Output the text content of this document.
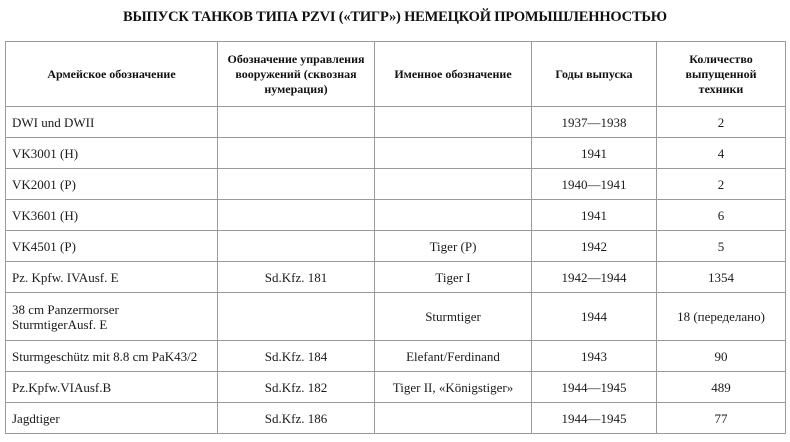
ВЫПУСК ТАНКОВ ТИПА PZVI («ТИГР») НЕМЕЦКОЙ ПРОМЫШЛЕННОСТЬЮ
Армейское обозначение	Обозначение управления вооружений (сквозная нумерация)	Именное обозначение	Годы выпуска	Количество выпущенной техники
DWI und DWII			1937—1938	2
VK3001 (H)			1941	4
VK2001 (P)			1940—1941	2
VK3601 (H)			1941	6
VK4501 (P)		Tiger (P)	1942	5
Pz. Kpfw. IVAusf. E	Sd.Kfz. 181	Tiger I	1942—1944	1354
38 cm Panzermorser SturmtigerAusf. E		Sturmtiger	1944	18 (переделано)
Sturmgeschütz mit 8.8 cm PaK43/2	Sd.Kfz. 184	Elefant/Ferdinand	1943	90
Pz.Kpfw.VIAusf.B	Sd.Kfz. 182	Tiger II, «Königstiger»	1944—1945	489
Jagdtiger	Sd.Kfz. 186		1944—1945	77
